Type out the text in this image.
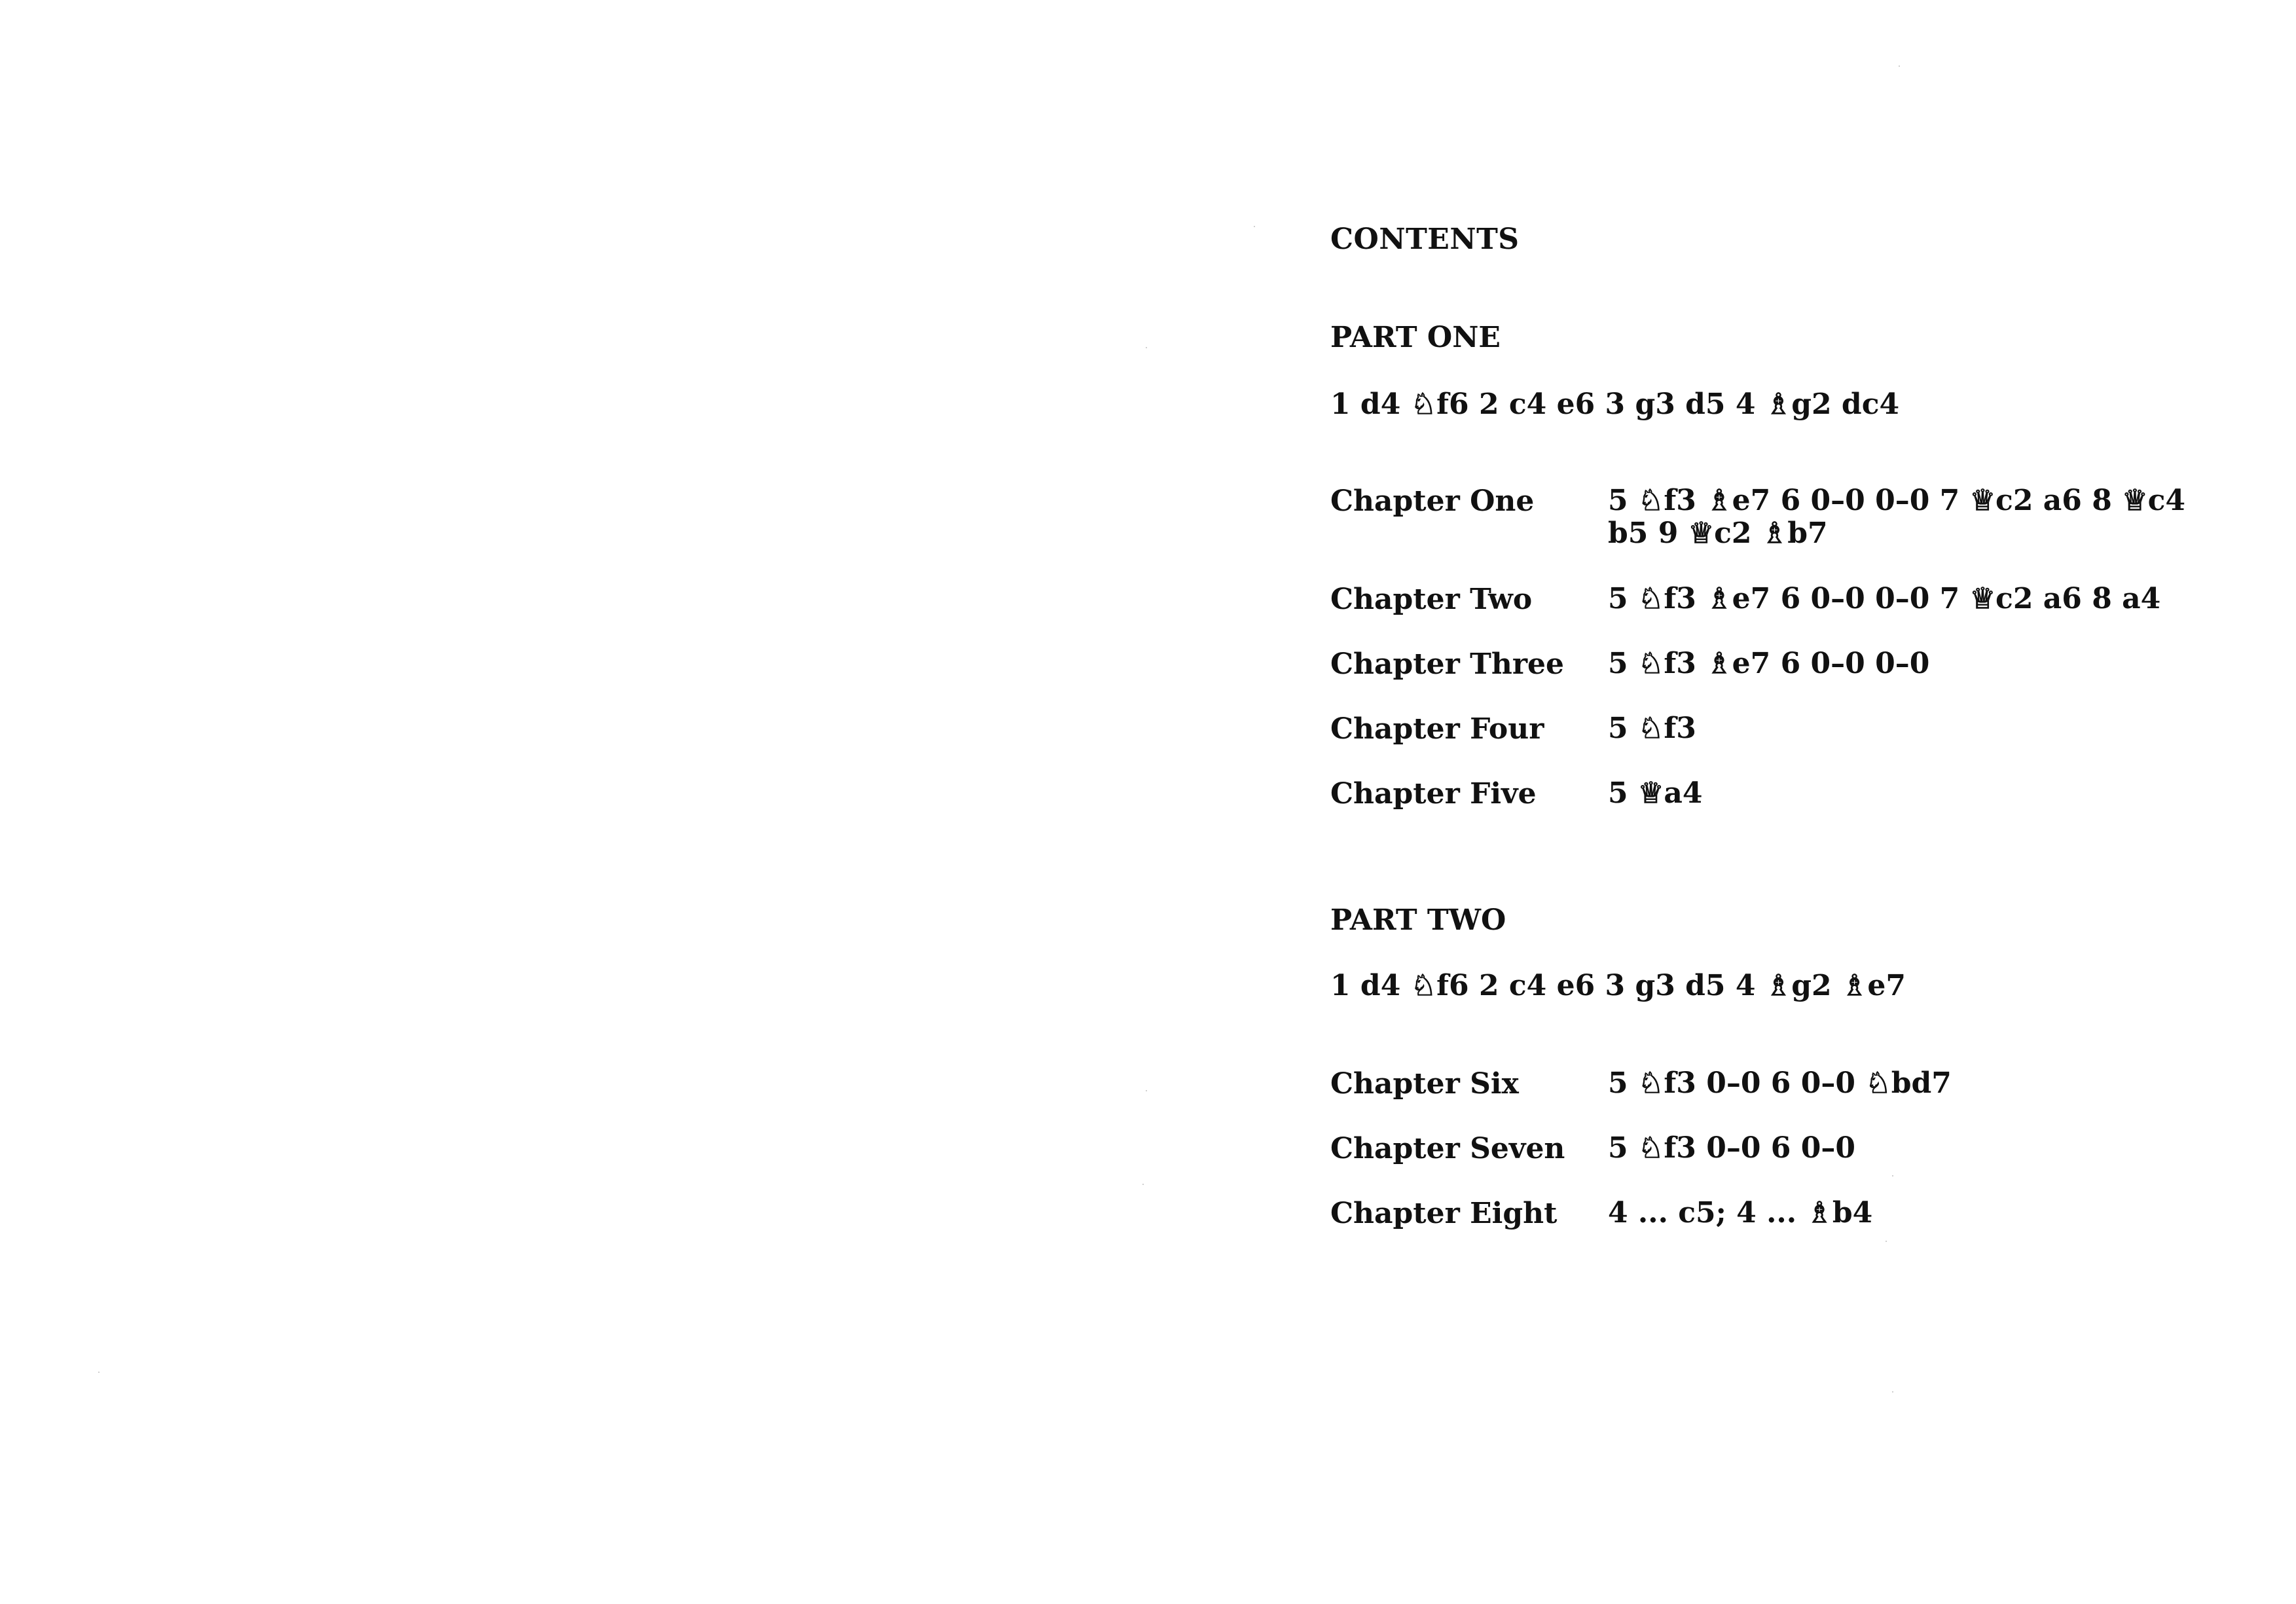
CONTENTS
PART ONE
1 d4 ♘f6 2 c4 e6 3 g3 d5 4 ♗g2 dc4
Chapter One	5 ♘f3 ♗e7 6 0–0 0–0 7 ♕c2 a6 8 ♕c4 b5 9 ♕c2 ♗b7
Chapter Two	5 ♘f3 ♗e7 6 0–0 0–0 7 ♕c2 a6 8 a4
Chapter Three	5 ♘f3 ♗e7 6 0–0 0–0
Chapter Four	5 ♘f3
Chapter Five	5 ♕a4
PART TWO
1 d4 ♘f6 2 c4 e6 3 g3 d5 4 ♗g2 ♗e7
Chapter Six	5 ♘f3 0–0 6 0–0 ♘bd7
Chapter Seven	5 ♘f3 0–0 6 0–0
Chapter Eight	4 ... c5; 4 ... ♗b4
